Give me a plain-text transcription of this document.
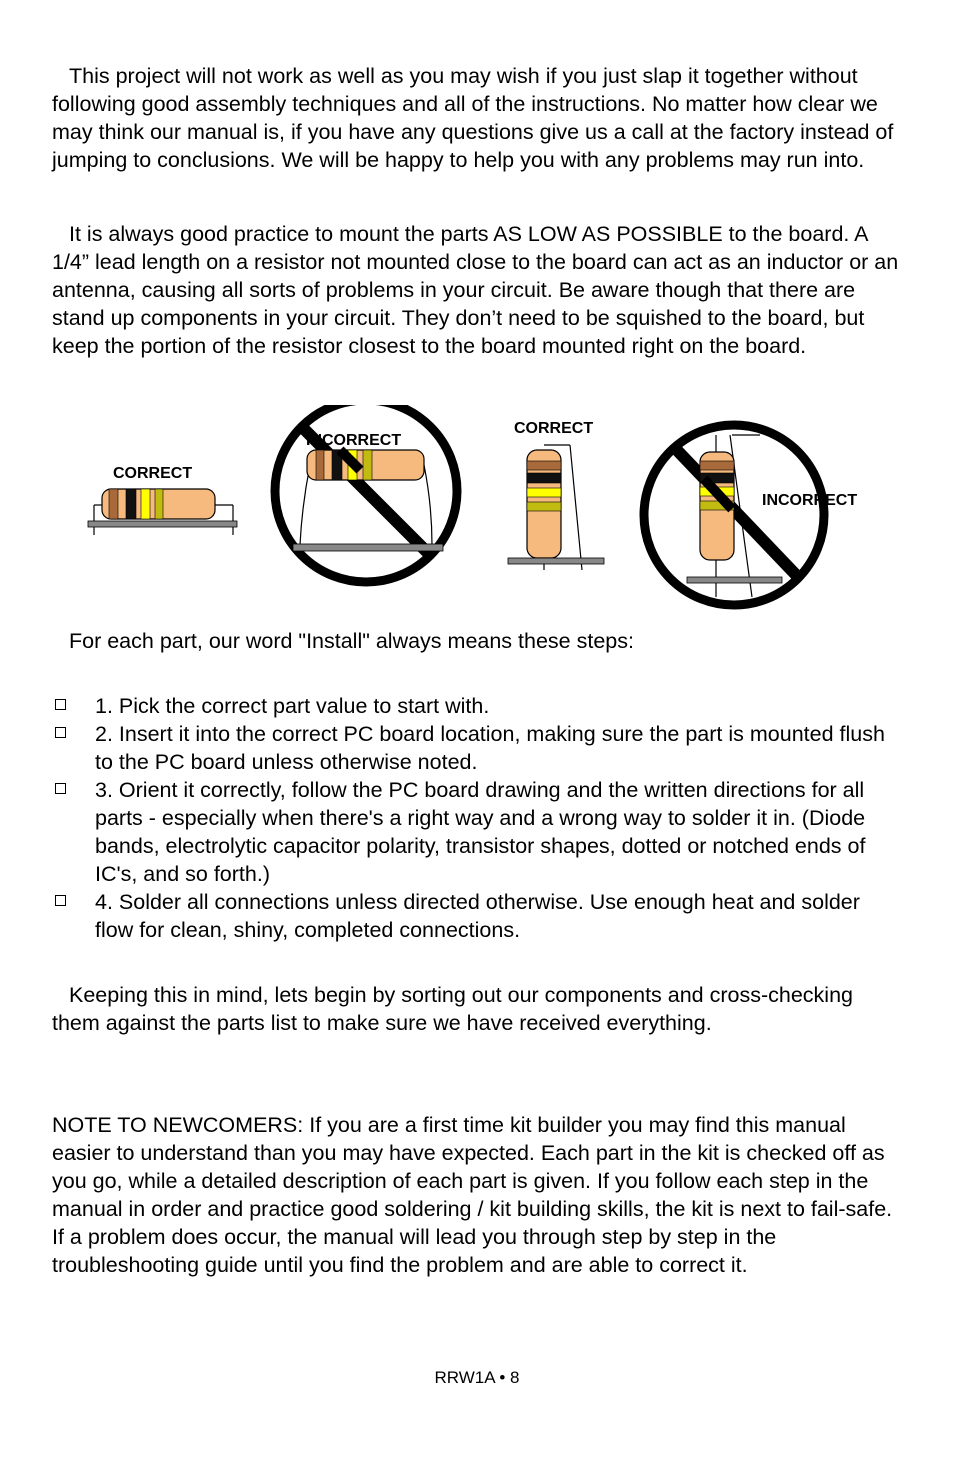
This project will not work as well as you may wish if you just slap it together without following good assembly techniques and all of the instructions. No matter how clear we may think our manual is, if you have any questions give us a call at the factory instead of jumping to conclusions. We will be happy to help you with any problems may run into.

It is always good practice to mount the parts AS LOW AS POSSIBLE to the board. A 1/4” lead length on a resistor not mounted close to the board can act as an inductor or an antenna, causing all sorts of problems in your circuit. Be aware though that there are stand up components in your circuit. They don’t need to be squished to the board, but keep the portion of the resistor closest to the board mounted right on the board.

CORRECT
INCORRECT
CORRECT
INCORRECT

For each part, our word "Install" always means these steps:

1. Pick the correct part value to start with.
2. Insert it into the correct PC board location, making sure the part is mounted flush to the PC board unless otherwise noted.
3. Orient it correctly, follow the PC board drawing and the written directions for all parts - especially when there's a right way and a wrong way to solder it in. (Diode bands, electrolytic capacitor polarity, transistor shapes, dotted or notched ends of IC's, and so forth.)
4. Solder all connections unless directed otherwise. Use enough heat and solder flow for clean, shiny, completed connections.

Keeping this in mind, lets begin by sorting out our components and cross-checking them against the parts list to make sure we have received everything.

NOTE TO NEWCOMERS: If you are a first time kit builder you may find this manual easier to understand than you may have expected. Each part in the kit is checked off as you go, while a detailed description of each part is given. If you follow each step in the manual in order and practice good soldering / kit building skills, the kit is next to fail-safe. If a problem does occur, the manual will lead you through step by step in the troubleshooting guide until you find the problem and are able to correct it.

RRW1A • 8
